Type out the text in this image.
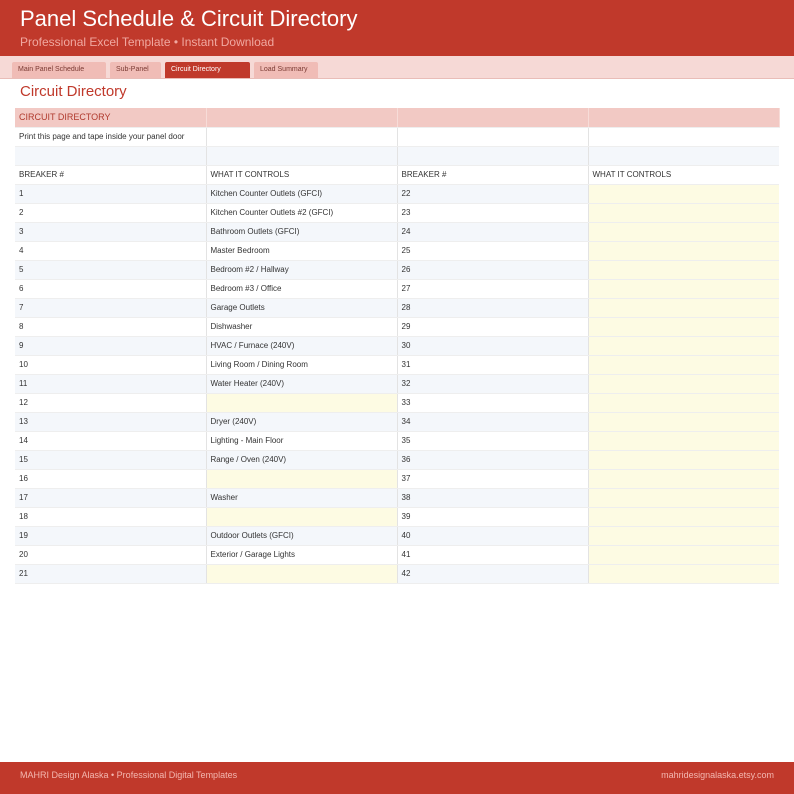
Panel Schedule & Circuit Directory
Professional Excel Template • Instant Download
Main Panel Schedule	Sub-Panel	Circuit Directory	Load Summary
Circuit Directory
CIRCUIT DIRECTORY			
Print this page and tape inside your panel door			

BREAKER #	WHAT IT CONTROLS	BREAKER #	WHAT IT CONTROLS
1	Kitchen Counter Outlets (GFCI)	22	
2	Kitchen Counter Outlets #2 (GFCI)	23	
3	Bathroom Outlets (GFCI)	24	
4	Master Bedroom	25	
5	Bedroom #2 / Hallway	26	
6	Bedroom #3 / Office	27	
7	Garage Outlets	28	
8	Dishwasher	29	
9	HVAC / Furnace (240V)	30	
10	Living Room / Dining Room	31	
11	Water Heater (240V)	32	
12		33	
13	Dryer (240V)	34	
14	Lighting - Main Floor	35	
15	Range / Oven (240V)	36	
16		37	
17	Washer	38	
18		39	
19	Outdoor Outlets (GFCI)	40	
20	Exterior / Garage Lights	41	
21		42	
MAHRI Design Alaska • Professional Digital Templates	mahridesignalaska.etsy.com
